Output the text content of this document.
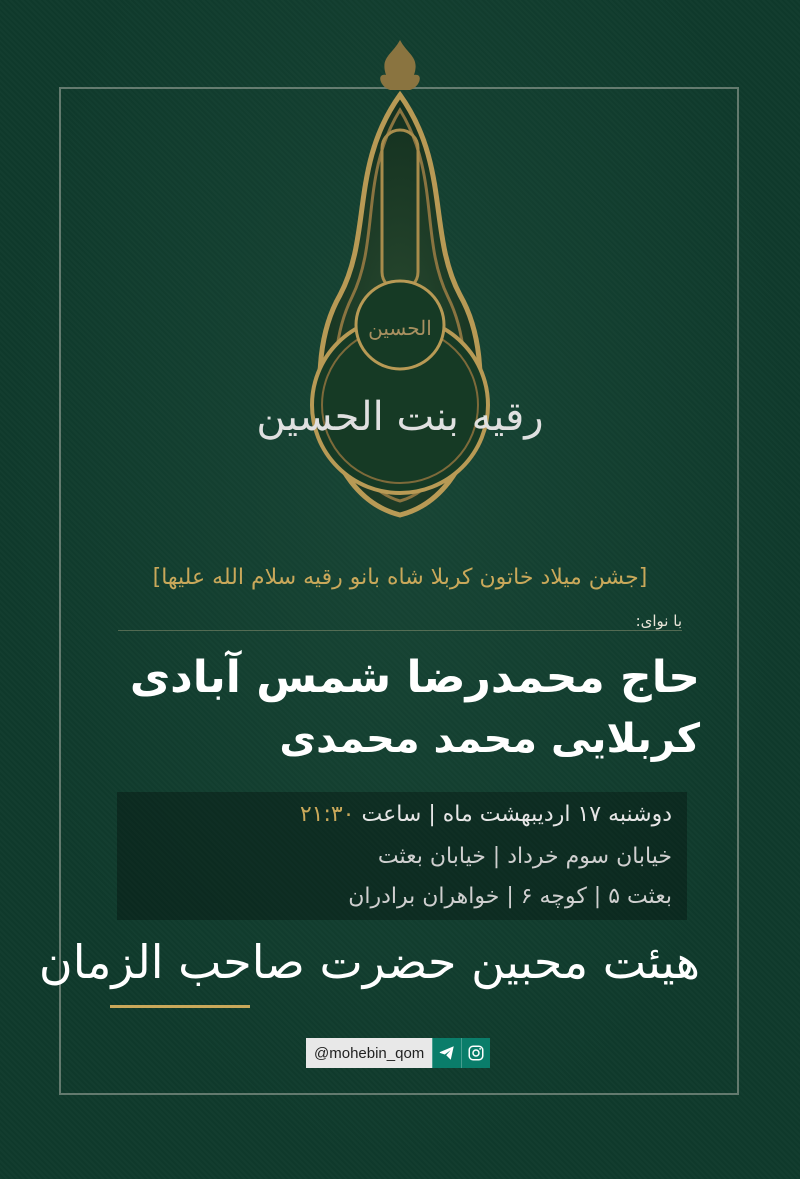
الحسین
رقیه بنت الحسین
[جشن میلاد خاتون کربلا شاه بانو رقیه سلام الله علیها]
با نوای:
حاج محمدرضا شمس آبادی
کربلایی محمد محمدی
دوشنبه ۱۷ اردیبهشت ماه | ساعت ۲۱:۳۰
خیابان سوم خرداد | خیابان بعثت
بعثت ۵ | کوچه ۶ | خواهران برادران
هیئت محبین حضرت صاحب الزمان
@mohebin_qom
